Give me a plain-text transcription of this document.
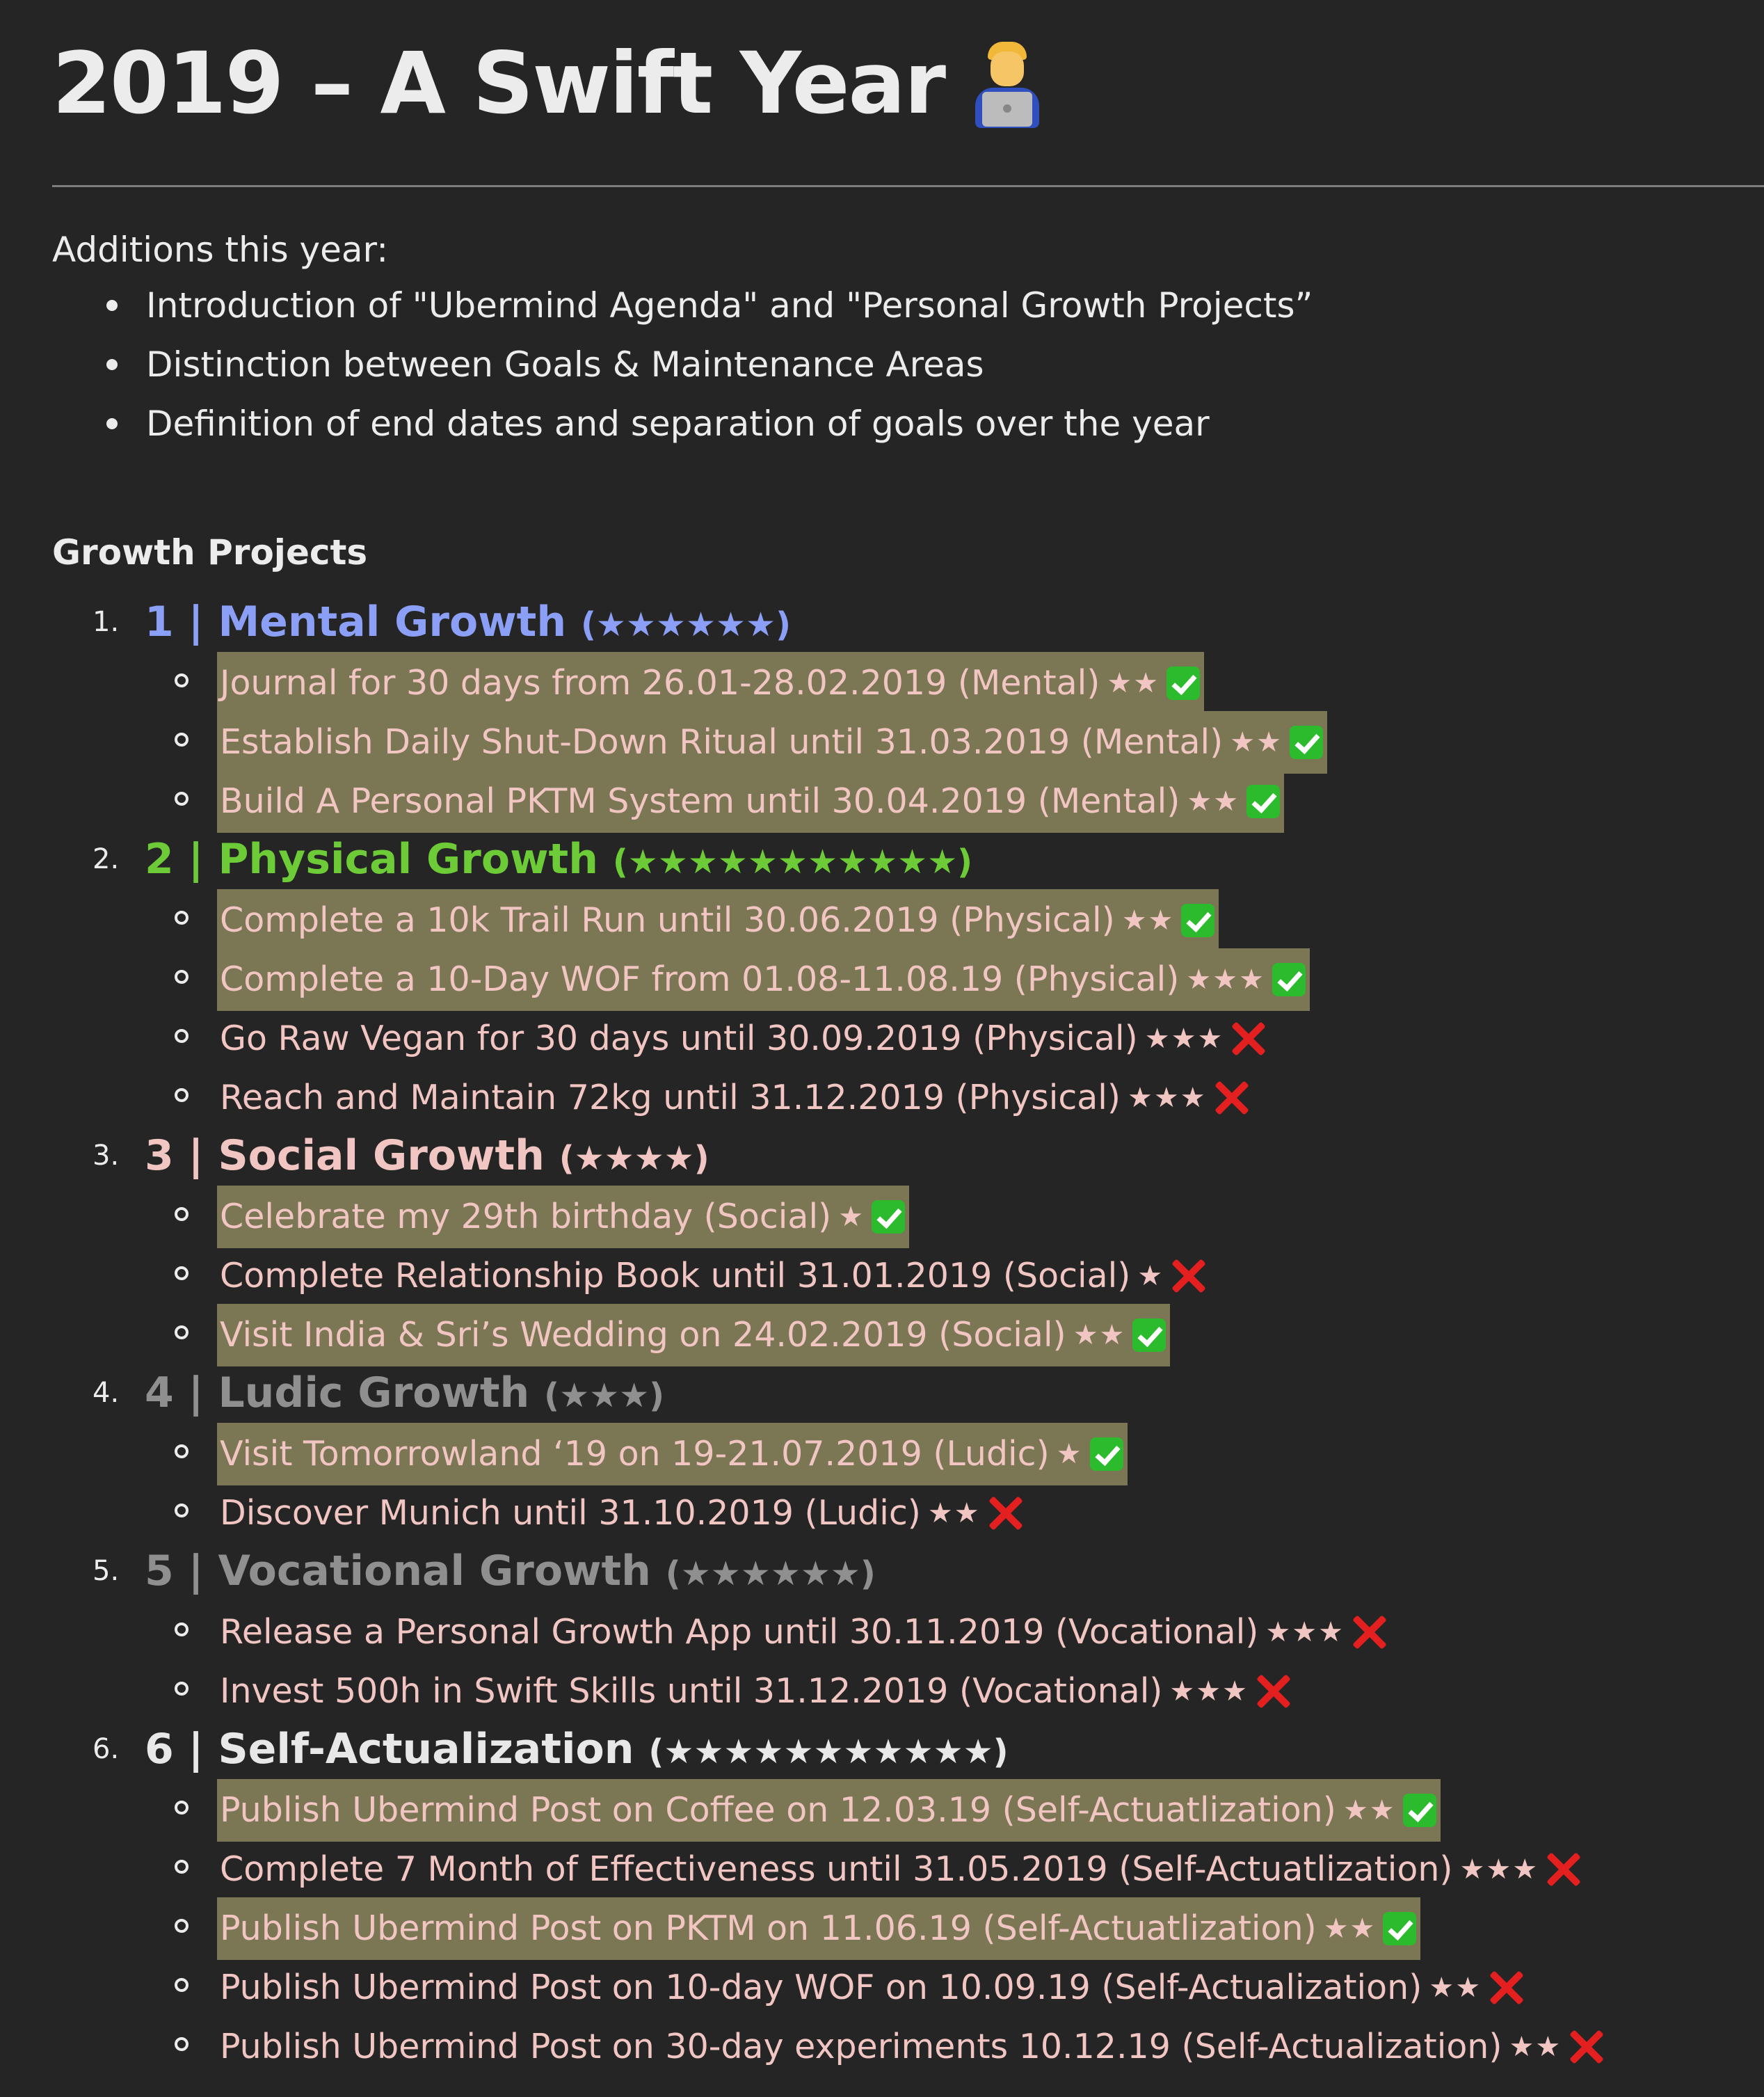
2019 – A Swift Year
Additions this year:
Introduction of "Ubermind Agenda" and "Personal Growth Projects”
Distinction between Goals & Maintenance Areas
Definition of end dates and separation of goals over the year
Growth Projects
1. 1 | Mental Growth (★★★★★★)
Journal for 30 days from 26.01-28.02.2019 (Mental) ★★
Establish Daily Shut-Down Ritual until 31.03.2019 (Mental) ★★
Build A Personal PKTM System until 30.04.2019 (Mental) ★★
2. 2 | Physical Growth (★★★★★★★★★★★)
Complete a 10k Trail Run until 30.06.2019 (Physical) ★★
Complete a 10-Day WOF from 01.08-11.08.19 (Physical) ★★★
Go Raw Vegan for 30 days until 30.09.2019 (Physical) ★★★
Reach and Maintain 72kg until 31.12.2019 (Physical) ★★★
3. 3 | Social Growth (★★★★)
Celebrate my 29th birthday (Social) ★
Complete Relationship Book until 31.01.2019 (Social) ★
Visit India & Sri’s Wedding on 24.02.2019 (Social) ★★
4. 4 | Ludic Growth (★★★)
Visit Tomorrowland ‘19 on 19-21.07.2019 (Ludic) ★
Discover Munich until 31.10.2019 (Ludic) ★★
5. 5 | Vocational Growth (★★★★★★)
Release a Personal Growth App until 30.11.2019 (Vocational) ★★★
Invest 500h in Swift Skills until 31.12.2019 (Vocational) ★★★
6. 6 | Self-Actualization (★★★★★★★★★★★)
Publish Ubermind Post on Coffee on 12.03.19 (Self-Actuatlization) ★★
Complete 7 Month of Effectiveness until 31.05.2019 (Self-Actuatlization) ★★★
Publish Ubermind Post on PKTM on 11.06.19 (Self-Actuatlization) ★★
Publish Ubermind Post on 10-day WOF on 10.09.19 (Self-Actualization) ★★
Publish Ubermind Post on 30-day experiments 10.12.19 (Self-Actualization) ★★
